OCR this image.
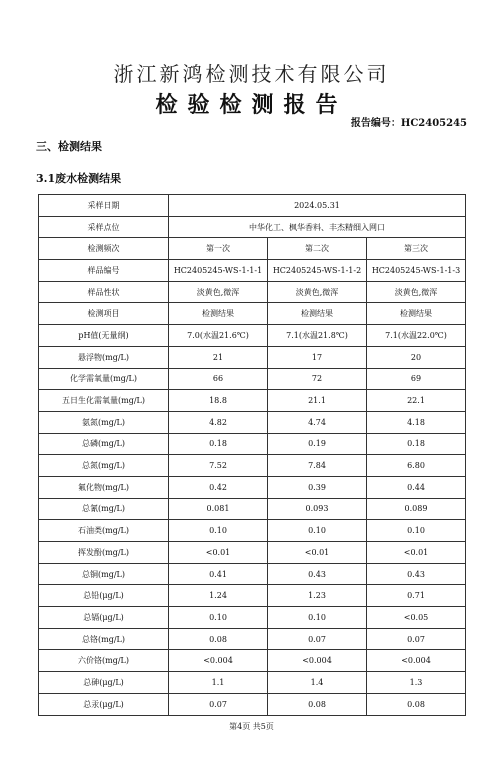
浙江新鸿检测技术有限公司
检验检测报告
报告编号：HC2405245
三、检测结果
3.1废水检测结果
采样日期	2024.05.31		
采样点位	中华化工、枫华香料、丰杰精细入网口		
检测频次	第一次	第二次	第三次
样品编号	HC2405245-WS-1-1-1	HC2405245-WS-1-1-2	HC2405245-WS-1-1-3
样品性状	淡黄色,微浑	淡黄色,微浑	淡黄色,微浑
检测项目	检测结果	检测结果	检测结果
pH值(无量纲)	7.0(水温21.6℃)	7.1(水温21.8℃)	7.1(水温22.0℃)
悬浮物(mg/L)	21	17	20
化学需氧量(mg/L)	66	72	69
五日生化需氧量(mg/L)	18.8	21.1	22.1
氨氮(mg/L)	4.82	4.74	4.18
总磷(mg/L)	0.18	0.19	0.18
总氮(mg/L)	7.52	7.84	6.80
氟化物(mg/L)	0.42	0.39	0.44
总氰(mg/L)	0.081	0.093	0.089
石油类(mg/L)	0.10	0.10	0.10
挥发酚(mg/L)	<0.01	<0.01	<0.01
总铜(mg/L)	0.41	0.43	0.43
总铅(μg/L)	1.24	1.23	0.71
总镉(μg/L)	0.10	0.10	<0.05
总铬(mg/L)	0.08	0.07	0.07
六价铬(mg/L)	<0.004	<0.004	<0.004
总砷(μg/L)	1.1	1.4	1.3
总汞(μg/L)	0.07	0.08	0.08
第4页 共5页
